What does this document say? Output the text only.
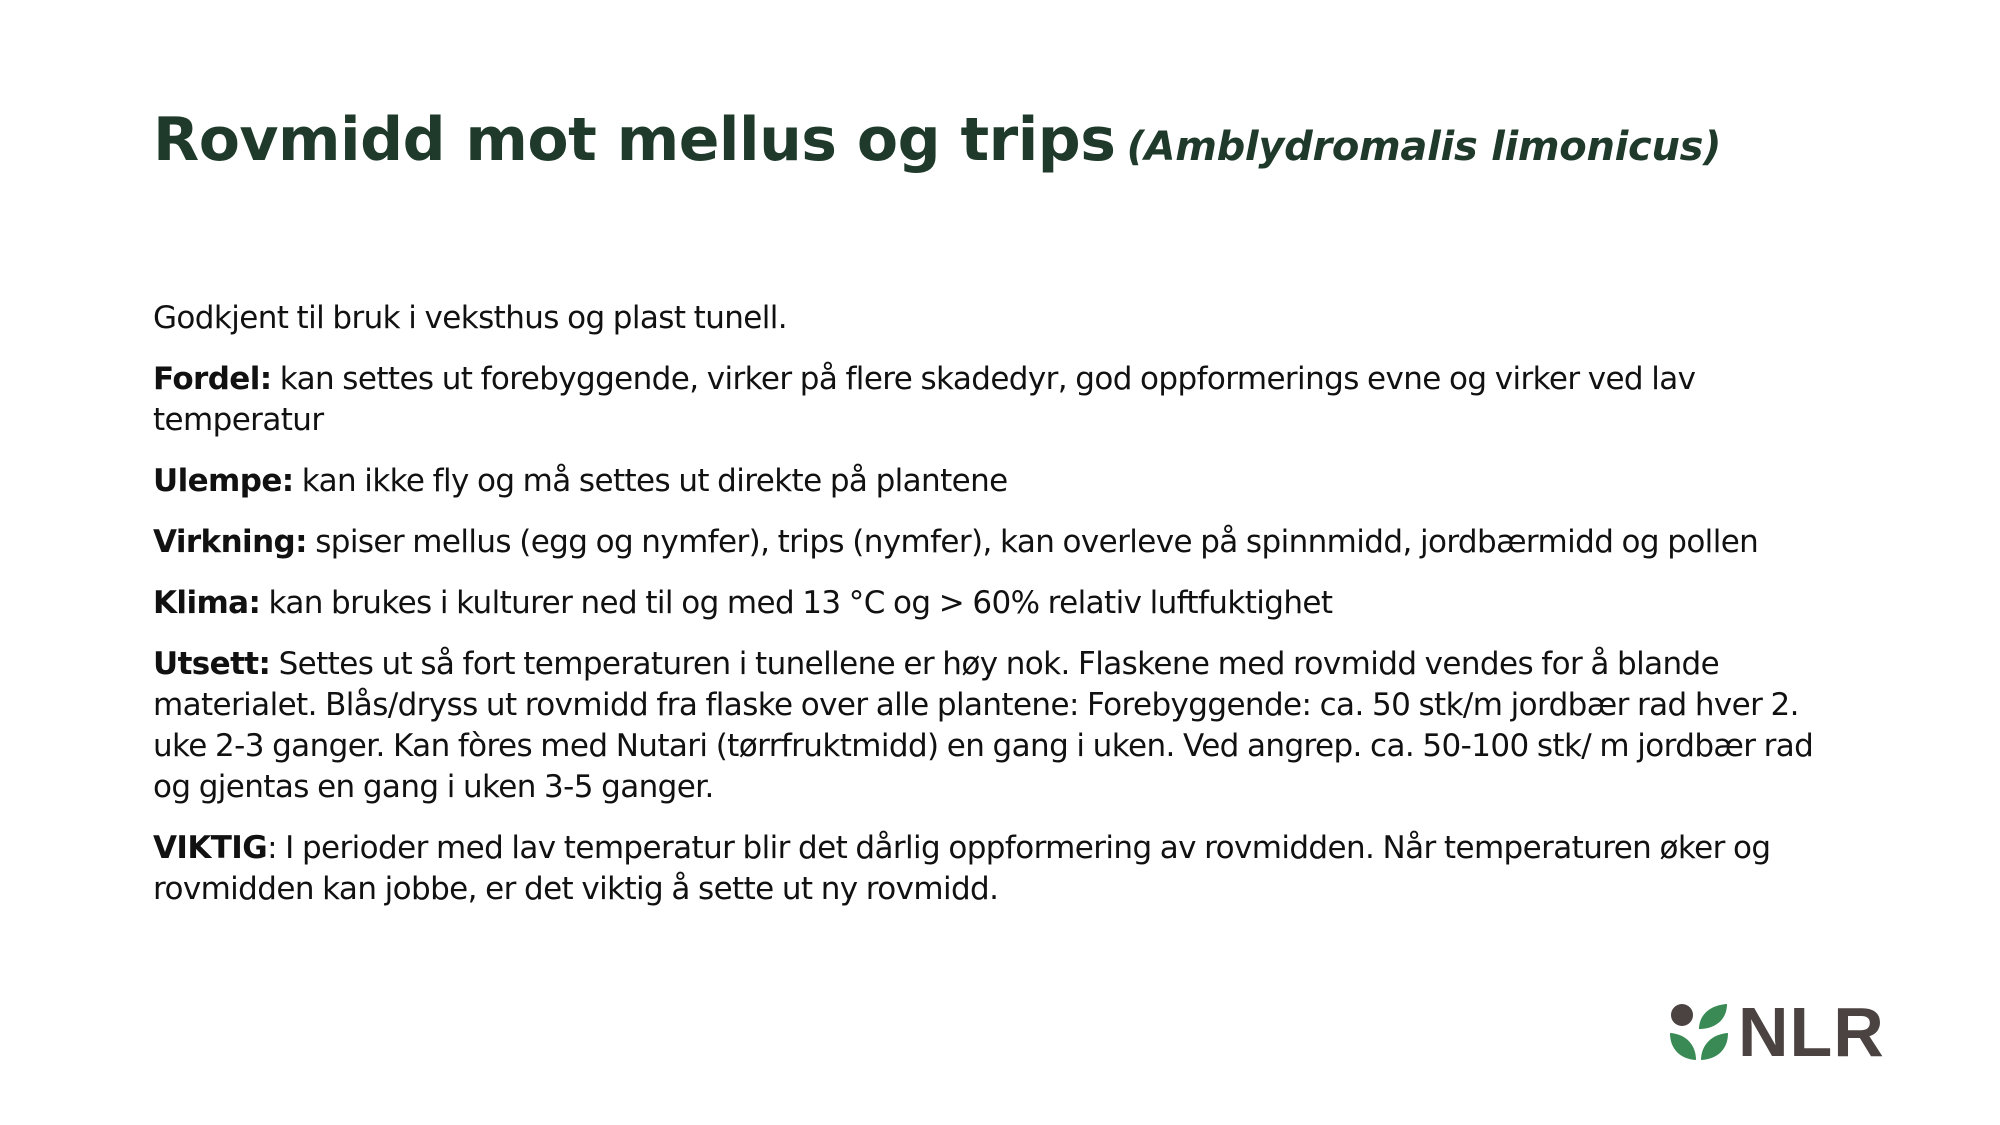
Rovmidd mot mellus og trips (Amblydromalis limonicus)

Godkjent til bruk i veksthus og plast tunell.

Fordel: kan settes ut forebyggende, virker på flere skadedyr, god oppformerings evne og virker ved lav temperatur

Ulempe: kan ikke fly og må settes ut direkte på plantene

Virkning: spiser mellus (egg og nymfer), trips (nymfer), kan overleve på spinnmidd, jordbærmidd og pollen

Klima: kan brukes i kulturer ned til og med 13 °C og > 60% relativ luftfuktighet

Utsett: Settes ut så fort temperaturen i tunellene er høy nok. Flaskene med rovmidd vendes for å blande materialet. Blås/dryss ut rovmidd fra flaske over alle plantene: Forebyggende: ca. 50 stk/m jordbær rad hver 2. uke 2-3 ganger. Kan fòres med Nutari (tørrfruktmidd) en gang i uken. Ved angrep. ca. 50-100 stk/ m jordbær rad og gjentas en gang i uken 3-5 ganger.

VIKTIG: I perioder med lav temperatur blir det dårlig oppformering av rovmidden. Når temperaturen øker og rovmidden kan jobbe, er det viktig å sette ut ny rovmidd.

NLR
